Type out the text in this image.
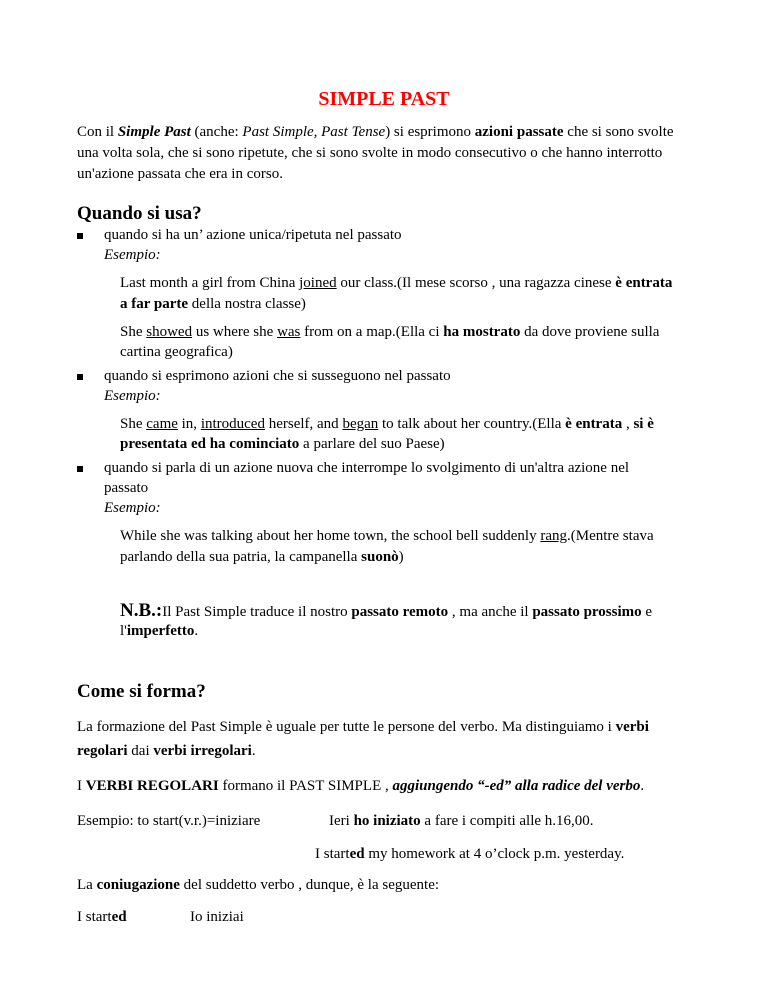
SIMPLE PAST
Con il Simple Past (anche: Past Simple, Past Tense) si esprimono azioni passate che si sono svolte
una volta sola, che si sono ripetute, che si sono svolte in modo consecutivo o che hanno interrotto
un'azione passata che era in corso.
Quando si usa?
quando si ha un’ azione unica/ripetuta nel passato
Esempio:
Last month a girl from China joined our class.(Il mese scorso , una ragazza cinese è entrata
a far parte della nostra classe)
She showed us where she was from on a map.(Ella ci ha mostrato da dove proviene sulla
cartina geografica)
quando si esprimono azioni che si susseguono nel passato
Esempio:
She came in, introduced herself, and began to talk about her country.(Ella è entrata , si è
presentata ed ha cominciato a parlare del suo Paese)
quando si parla di un azione nuova che interrompe lo svolgimento di un'altra azione nel
passato
Esempio:
While she was talking about her home town, the school bell suddenly rang.(Mentre stava
parlando della sua patria, la campanella suonò)
N.B.:Il Past Simple traduce il nostro passato remoto , ma anche il passato prossimo e
l'imperfetto.
Come si forma?
La formazione del Past Simple è uguale per tutte le persone del verbo. Ma distinguiamo i verbi
regolari dai verbi irregolari.
I VERBI REGOLARI formano il PAST SIMPLE , aggiungendo “-ed” alla radice del verbo.
Esempio: to start(v.r.)=iniziare	Ieri ho iniziato a fare i compiti alle h.16,00.
I started my homework at 4 o’clock p.m. yesterday.
La coniugazione del suddetto verbo , dunque, è la seguente:
I started	Io iniziai
